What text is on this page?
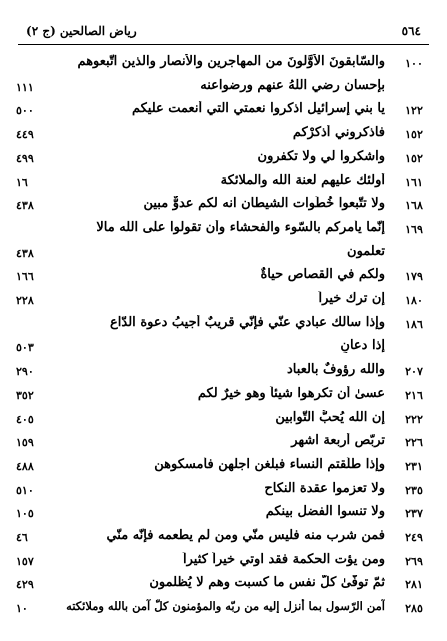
رياض الصالحين (ج ٢)	٥٦٤
١٠٠
والسّابقونَ الأوَّلونَ من المهاجرين والأنصار والذين اتّبعوهم
بإحسان رضي اللهُ عنهم ورضواعنه
١١١
١٢٢
يا بني إسرائيل اذكروا نعمتي التي أنعمت عليكم
٥٠٠
١٥٢
فاذكروني أذكرْكم
٤٤٩
١٥٢
واشكروا لي ولا تكفرون
٤٩٩
١٦١
أولئك عليهم لعنة الله والملائكة
١٦
١٦٨
ولا تتّبعوا خُطُوات الشيطان انه لكم عدوٌّ مبين
٤٣٨
١٦٩
إنّما يأمركم بالسّوء والفحشاء وأن تقولوا على الله مالا
تعلمون
٤٣٨
١٧٩
ولكم في القصاص حياةٌ
١٦٦
١٨٠
إن ترك خيراً
٢٢٨
١٨٦
وإذا سألك عبادي عنّي فإنّي قريبٌ أجيبُ دعوة الدّاع
إذا دعانِ
٥٠٣
٢٠٧
والله رؤوفٌ بالعباد
٢٩٠
٢١٦
عسىٰ أن تكرهوا شيئاً وهو خيرٌ لكم
٣٥٢
٢٢٢
إن الله يُحبُّ التّوابين
٤٠٥
٢٢٦
تربّص أربعة اشهر
١٥٩
٢٣١
وإذا طلّقتم النساء فبلغن اجلهن فأمسكوهن
٤٨٨
٢٣٥
ولا تعزموا عقدة النكاح
٥١٠
٢٣٧
ولا تنسوا الفضل بينكم
١٠٥
٢٤٩
فمن شرب منه فليس منّي ومن لم يطعمه فإنّه منّي
٤٦
٢٦٩
ومن يؤت الحكمة فقد اوتي خيراً كثيراً
١٥٧
٢٨١
ثمّ توفّىٰ كلّ نفس ما كسبت وهم لا يُظلمون
٤٢٩
٢٨٥
آمن الرّسول بما أُنزل إليه من ربّه والمؤمنون كلٌّ آمن بالله وملائكته
١٠
